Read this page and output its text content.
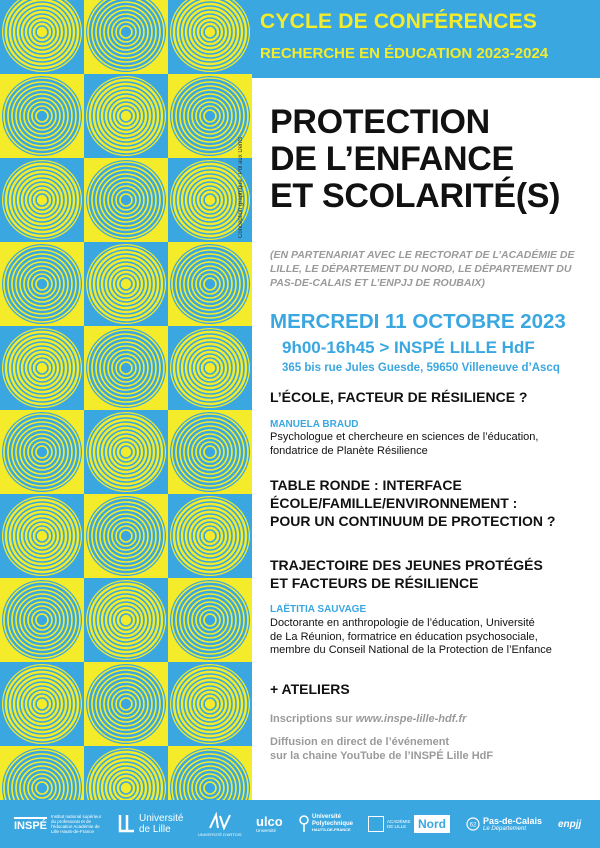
Conception graphique : Pôl aux Dents
CYCLE DE CONFÉRENCES
RECHERCHE EN ÉDUCATION 2023-2024
PROTECTION
DE L’ENFANCE
ET SCOLARITÉ(S)
(EN PARTENARIAT AVEC LE RECTORAT DE L’ACADÉMIE DE LILLE, LE DÉPARTEMENT DU NORD, LE DÉPARTEMENT DU PAS-DE-CALAIS ET L’ENPJJ DE ROUBAIX)
MERCREDI 11 OCTOBRE 2023
9h00-16h45 > INSPÉ LILLE HdF
365 bis rue Jules Guesde, 59650 Villeneuve d’Ascq
L’ÉCOLE, FACTEUR DE RÉSILIENCE ?
MANUELA BRAUD
Psychologue et chercheure en sciences de l’éducation,
fondatrice de Planète Résilience
TABLE RONDE : INTERFACE
ÉCOLE/FAMILLE/ENVIRONNEMENT :
POUR UN CONTINUUM DE PROTECTION ?
TRAJECTOIRE DES JEUNES PROTÉGÉS
ET FACTEURS DE RÉSILIENCE
LAËTITIA SAUVAGE
Doctorante en anthropologie de l’éducation, Université
de La Réunion, formatrice en éducation psychosociale,
membre du Conseil National de la Protection de l’Enfance
+ ATELIERS
Inscriptions sur www.inspe-lille-hdf.fr
Diffusion en direct de l’événement
sur la chaine YouTube de l’INSPÉ Lille HdF
INSPÉ
Institut national supérieur du professorat et de l'éducation Académie de Lille Hauts-de-France
Université
de Lille	UNIVERSITÉ D'ARTOIS
ulco
Université
Université
Polytechnique
HAUTS-DE-FRANCE
ACADÉMIE DE LILLE Nord	62 Pas-de-Calais
Le Département	enpjj
